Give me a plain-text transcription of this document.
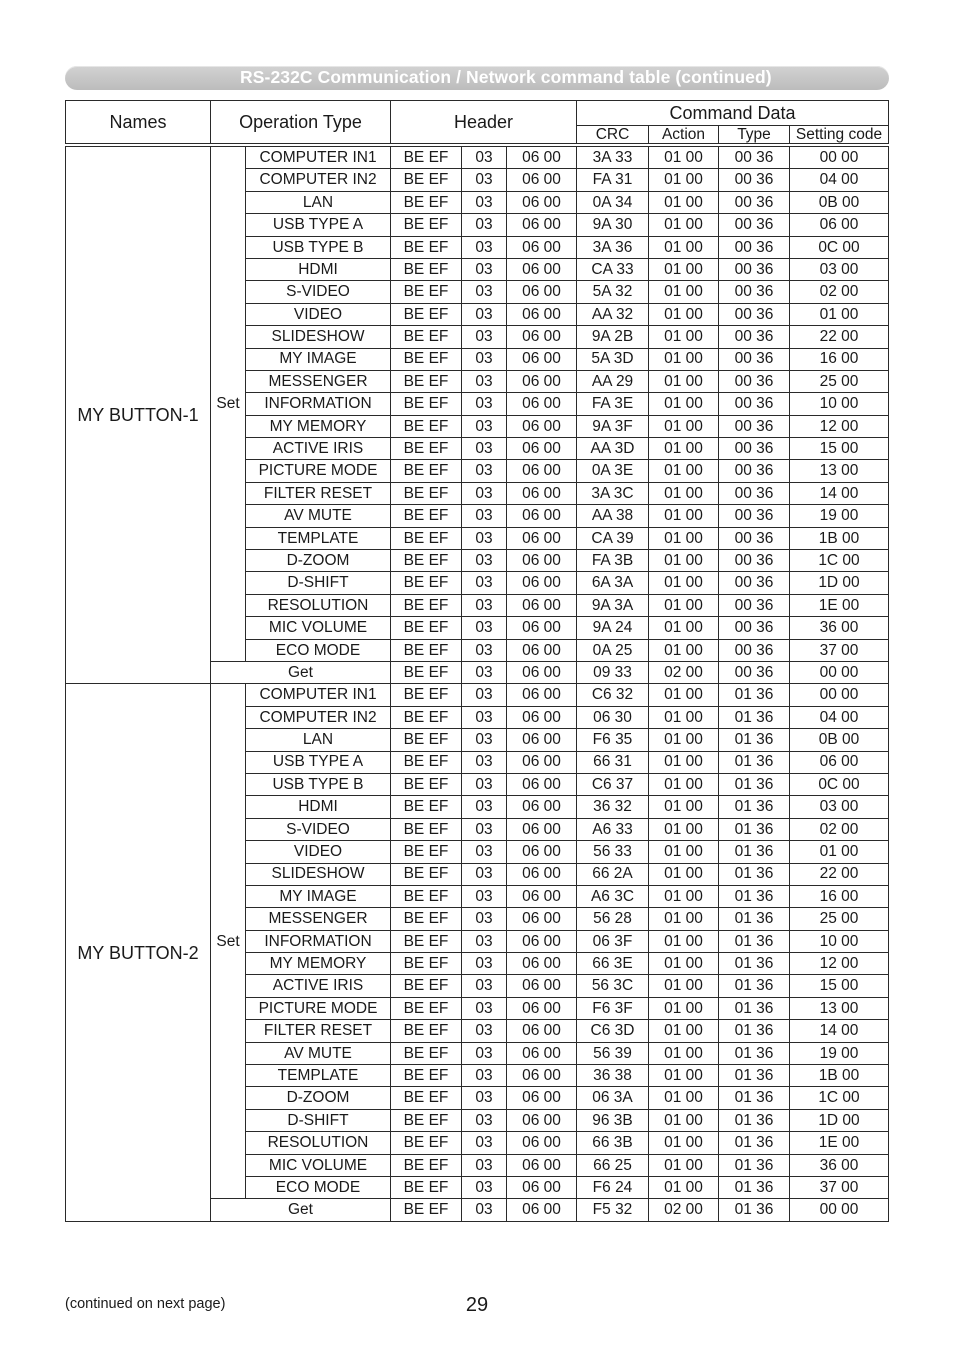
RS-232C Communication / Network command table (continued)
Names	Operation Type		Header			Command Data			
						CRC	Action	Type	Setting code

MY BUTTON-1	Set	COMPUTER IN1	BE EF	03	06 00	3A 33	01 00	00 36	00 00
		COMPUTER IN2	BE EF	03	06 00	FA 31	01 00	00 36	04 00
		LAN	BE EF	03	06 00	0A 34	01 00	00 36	0B 00
		USB TYPE A	BE EF	03	06 00	9A 30	01 00	00 36	06 00
		USB TYPE B	BE EF	03	06 00	3A 36	01 00	00 36	0C 00
		HDMI	BE EF	03	06 00	CA 33	01 00	00 36	03 00
		S-VIDEO	BE EF	03	06 00	5A 32	01 00	00 36	02 00
		VIDEO	BE EF	03	06 00	AA 32	01 00	00 36	01 00
		SLIDESHOW	BE EF	03	06 00	9A 2B	01 00	00 36	22 00
		MY IMAGE	BE EF	03	06 00	5A 3D	01 00	00 36	16 00
		MESSENGER	BE EF	03	06 00	AA 29	01 00	00 36	25 00
		INFORMATION	BE EF	03	06 00	FA 3E	01 00	00 36	10 00
		MY MEMORY	BE EF	03	06 00	9A 3F	01 00	00 36	12 00
		ACTIVE IRIS	BE EF	03	06 00	AA 3D	01 00	00 36	15 00
		PICTURE MODE	BE EF	03	06 00	0A 3E	01 00	00 36	13 00
		FILTER RESET	BE EF	03	06 00	3A 3C	01 00	00 36	14 00
		AV MUTE	BE EF	03	06 00	AA 38	01 00	00 36	19 00
		TEMPLATE	BE EF	03	06 00	CA 39	01 00	00 36	1B 00
		D-ZOOM	BE EF	03	06 00	FA 3B	01 00	00 36	1C 00
		D-SHIFT	BE EF	03	06 00	6A 3A	01 00	00 36	1D 00
		RESOLUTION	BE EF	03	06 00	9A 3A	01 00	00 36	1E 00
		MIC VOLUME	BE EF	03	06 00	9A 24	01 00	00 36	36 00
		ECO MODE	BE EF	03	06 00	0A 25	01 00	00 36	37 00
	Get		BE EF	03	06 00	09 33	02 00	00 36	00 00
MY BUTTON-2	Set	COMPUTER IN1	BE EF	03	06 00	C6 32	01 00	01 36	00 00
		COMPUTER IN2	BE EF	03	06 00	06 30	01 00	01 36	04 00
		LAN	BE EF	03	06 00	F6 35	01 00	01 36	0B 00
		USB TYPE A	BE EF	03	06 00	66 31	01 00	01 36	06 00
		USB TYPE B	BE EF	03	06 00	C6 37	01 00	01 36	0C 00
		HDMI	BE EF	03	06 00	36 32	01 00	01 36	03 00
		S-VIDEO	BE EF	03	06 00	A6 33	01 00	01 36	02 00
		VIDEO	BE EF	03	06 00	56 33	01 00	01 36	01 00
		SLIDESHOW	BE EF	03	06 00	66 2A	01 00	01 36	22 00
		MY IMAGE	BE EF	03	06 00	A6 3C	01 00	01 36	16 00
		MESSENGER	BE EF	03	06 00	56 28	01 00	01 36	25 00
		INFORMATION	BE EF	03	06 00	06 3F	01 00	01 36	10 00
		MY MEMORY	BE EF	03	06 00	66 3E	01 00	01 36	12 00
		ACTIVE IRIS	BE EF	03	06 00	56 3C	01 00	01 36	15 00
		PICTURE MODE	BE EF	03	06 00	F6 3F	01 00	01 36	13 00
		FILTER RESET	BE EF	03	06 00	C6 3D	01 00	01 36	14 00
		AV MUTE	BE EF	03	06 00	56 39	01 00	01 36	19 00
		TEMPLATE	BE EF	03	06 00	36 38	01 00	01 36	1B 00
		D-ZOOM	BE EF	03	06 00	06 3A	01 00	01 36	1C 00
		D-SHIFT	BE EF	03	06 00	96 3B	01 00	01 36	1D 00
		RESOLUTION	BE EF	03	06 00	66 3B	01 00	01 36	1E 00
		MIC VOLUME	BE EF	03	06 00	66 25	01 00	01 36	36 00
		ECO MODE	BE EF	03	06 00	F6 24	01 00	01 36	37 00
	Get		BE EF	03	06 00	F5 32	02 00	01 36	00 00
(continued on next page)	29
